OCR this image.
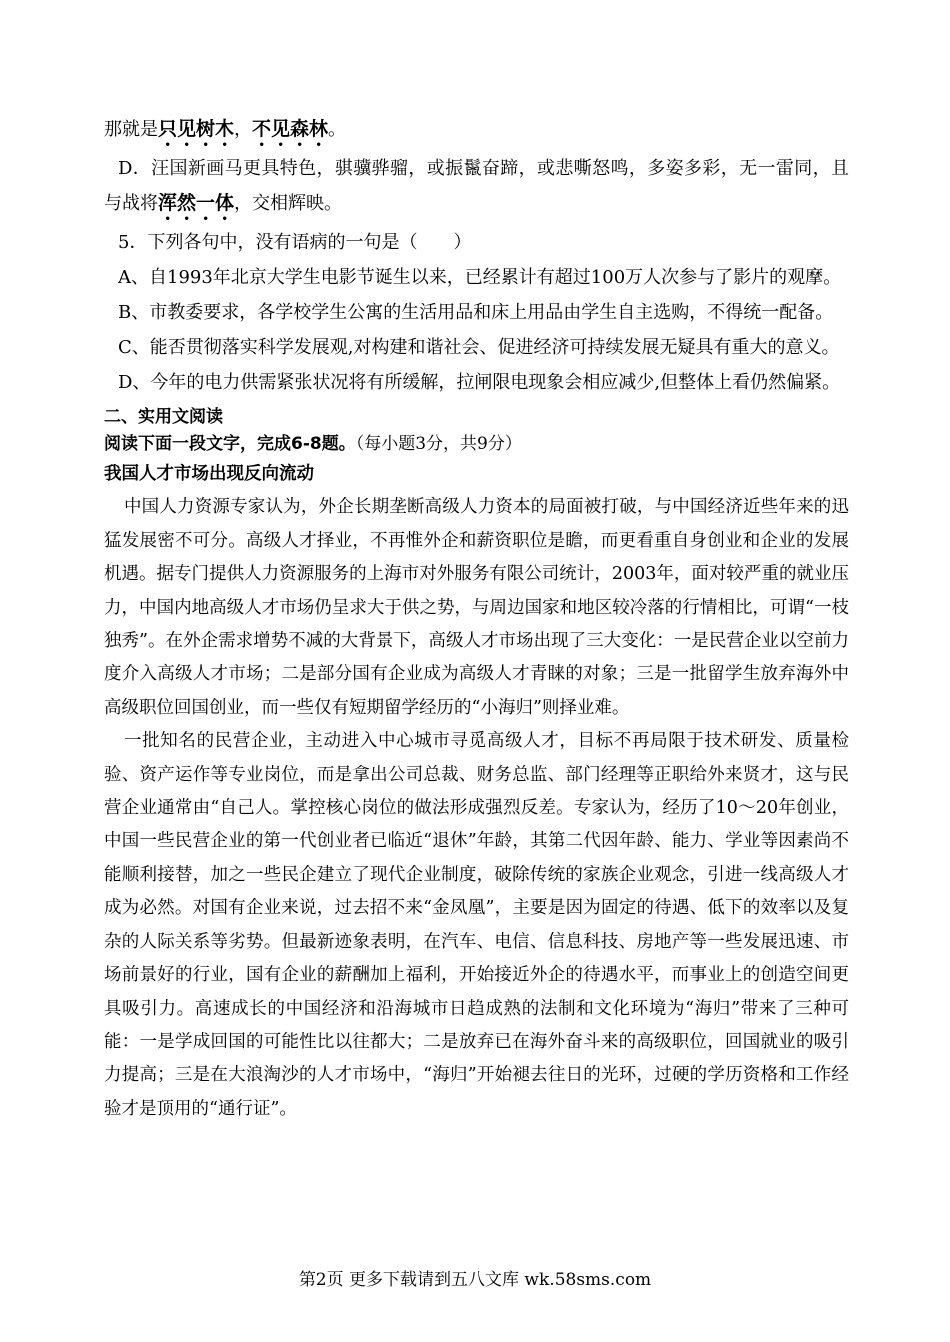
那就是只见树木，不见森林。

D．汪国新画马更具特色，骐骥骅骝，或振鬣奋蹄，或悲嘶怒鸣，多姿多彩，无一雷同，且与战将浑然一体，交相辉映。

5．下列各句中，没有语病的一句是（　　）

A、自1993年北京大学生电影节诞生以来，已经累计有超过100万人次参与了影片的观摩。

B、市教委要求，各学校学生公寓的生活用品和床上用品由学生自主选购，不得统一配备。

C、能否贯彻落实科学发展观,对构建和谐社会、促进经济可持续发展无疑具有重大的意义。

D、今年的电力供需紧张状况将有所缓解，拉闸限电现象会相应减少,但整体上看仍然偏紧。

二、实用文阅读

阅读下面一段文字，完成6-8题。（每小题3分，共9分）

我国人才市场出现反向流动

中国人力资源专家认为，外企长期垄断高级人力资本的局面被打破，与中国经济近些年来的迅猛发展密不可分。高级人才择业，不再惟外企和薪资职位是瞻，而更看重自身创业和企业的发展机遇。据专门提供人力资源服务的上海市对外服务有限公司统计，2003年，面对较严重的就业压力，中国内地高级人才市场仍呈求大于供之势，与周边国家和地区较冷落的行情相比，可谓“一枝独秀”。在外企需求增势不减的大背景下，高级人才市场出现了三大变化：一是民营企业以空前力度介入高级人才市场；二是部分国有企业成为高级人才青睐的对象；三是一批留学生放弃海外中高级职位回国创业，而一些仅有短期留学经历的“小海归”则择业难。

一批知名的民营企业，主动进入中心城市寻觅高级人才，目标不再局限于技术研发、质量检验、资产运作等专业岗位，而是拿出公司总裁、财务总监、部门经理等正职给外来贤才，这与民营企业通常由“自己人。掌控核心岗位的做法形成强烈反差。专家认为，经历了10～20年创业，中国一些民营企业的第一代创业者已临近“退休”年龄，其第二代因年龄、能力、学业等因素尚不能顺利接替，加之一些民企建立了现代企业制度，破除传统的家族企业观念，引进一线高级人才成为必然。对国有企业来说，过去招不来“金凤凰”，主要是因为固定的待遇、低下的效率以及复杂的人际关系等劣势。但最新迹象表明，在汽车、电信、信息科技、房地产等一些发展迅速、市场前景好的行业，国有企业的薪酬加上福利，开始接近外企的待遇水平，而事业上的创造空间更具吸引力。高速成长的中国经济和沿海城市日趋成熟的法制和文化环境为“海归”带来了三种可能：一是学成回国的可能性比以往都大；二是放弃已在海外奋斗来的高级职位，回国就业的吸引力提高；三是在大浪淘沙的人才市场中，“海归”开始褪去往日的光环，过硬的学历资格和工作经验才是顶用的“通行证”。

第2页 更多下载请到五八文库 wk.58sms.com
